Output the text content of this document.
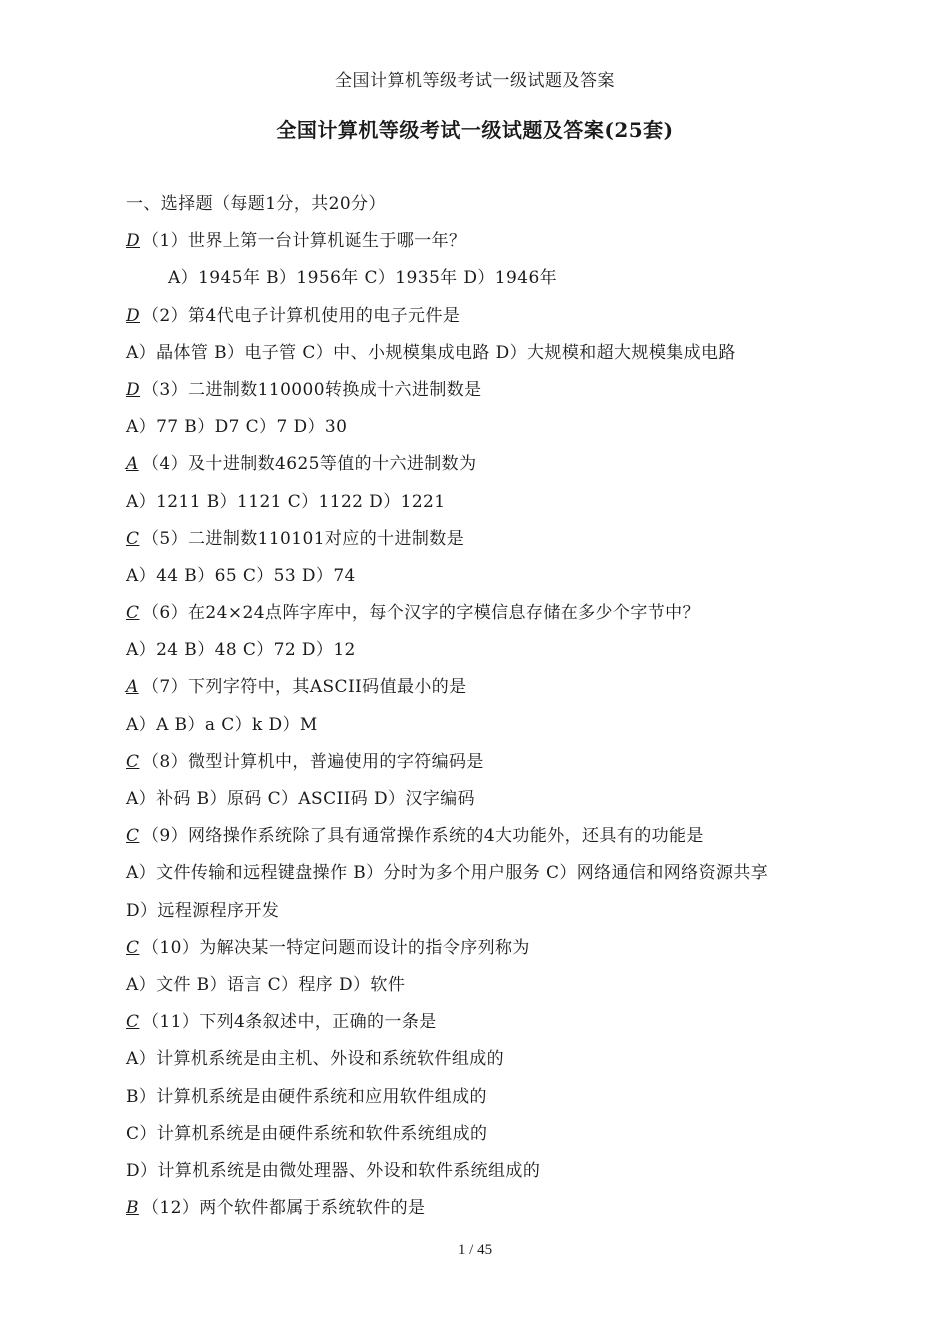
全国计算机等级考试一级试题及答案
全国计算机等级考试一级试题及答案(25套)
一、选择题（每题1分，共20分）
D （1）世界上第一台计算机诞生于哪一年？
A）1945年 B）1956年 C）1935年 D）1946年
D （2）第4代电子计算机使用的电子元件是
A）晶体管 B）电子管 C）中、小规模集成电路 D）大规模和超大规模集成电路
D （3）二进制数110000转换成十六进制数是
A）77 B）D7 C）7 D）30
A （4）及十进制数4625等值的十六进制数为
A）1211 B）1121 C）1122 D）1221
C （5）二进制数110101对应的十进制数是
A）44 B）65 C）53 D）74
C （6）在24×24点阵字库中，每个汉字的字模信息存储在多少个字节中？
A）24 B）48 C）72 D）12
A （7）下列字符中，其ASCII码值最小的是
A）A B）a C）k D）M
C （8）微型计算机中，普遍使用的字符编码是
A）补码 B）原码 C）ASCII码 D）汉字编码
C （9）网络操作系统除了具有通常操作系统的4大功能外，还具有的功能是
A）文件传输和远程键盘操作 B）分时为多个用户服务 C）网络通信和网络资源共享
D）远程源程序开发
C （10）为解决某一特定问题而设计的指令序列称为
A）文件 B）语言 C）程序 D）软件
C （11）下列4条叙述中，正确的一条是
A）计算机系统是由主机、外设和系统软件组成的
B）计算机系统是由硬件系统和应用软件组成的
C）计算机系统是由硬件系统和软件系统组成的
D）计算机系统是由微处理器、外设和软件系统组成的
B （12）两个软件都属于系统软件的是
1 / 45
